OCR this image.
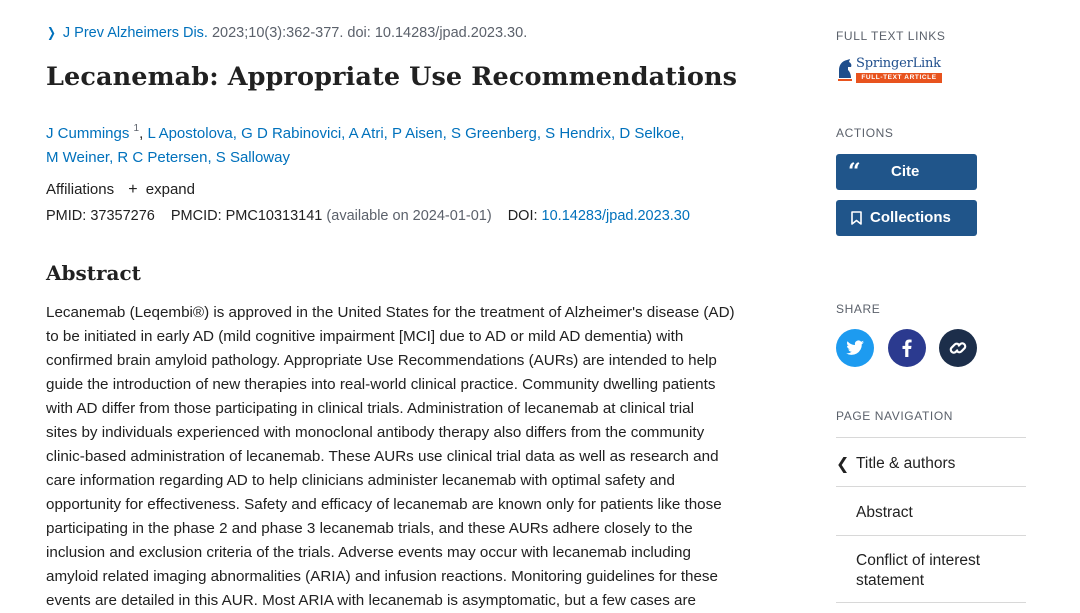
❯ J Prev Alzheimers Dis. 2023;10(3):362-377. doi: 10.14283/jpad.2023.30.
Lecanemab: Appropriate Use Recommendations
J Cummings $^1$, L Apostolova, G D Rabinovici, A Atri, P Aisen, S Greenberg, S Hendrix, D Selkoe,
M Weiner, R C Petersen, S Salloway
Affiliations + expand
PMID: 37357276 PMCID: PMC10313141 (available on 2024-01-01) DOI: 10.14283/jpad.2023.30
Abstract

Lecanemab (Leqembi®) is approved in the United States for the treatment of Alzheimer's disease (AD)
to be initiated in early AD (mild cognitive impairment [MCI] due to AD or mild AD dementia) with
confirmed brain amyloid pathology. Appropriate Use Recommendations (AURs) are intended to help
guide the introduction of new therapies into real-world clinical practice. Community dwelling patients
with AD differ from those participating in clinical trials. Administration of lecanemab at clinical trial
sites by individuals experienced with monoclonal antibody therapy also differs from the community
clinic-based administration of lecanemab. These AURs use clinical trial data as well as research and
care information regarding AD to help clinicians administer lecanemab with optimal safety and
opportunity for effectiveness. Safety and efficacy of lecanemab are known only for patients like those
participating in the phase 2 and phase 3 lecanemab trials, and these AURs adhere closely to the
inclusion and exclusion criteria of the trials. Adverse events may occur with lecanemab including
amyloid related imaging abnormalities (ARIA) and infusion reactions. Monitoring guidelines for these
events are detailed in this AUR. Most ARIA with lecanemab is asymptomatic, but a few cases are

FULL TEXT LINKS
SpringerLink
FULL-TEXT ARTICLE
ACTIONS
“ Cite
Collections
SHARE
PAGE NAVIGATION
❮ Title & authors
Abstract
Conflict of interest
statement
